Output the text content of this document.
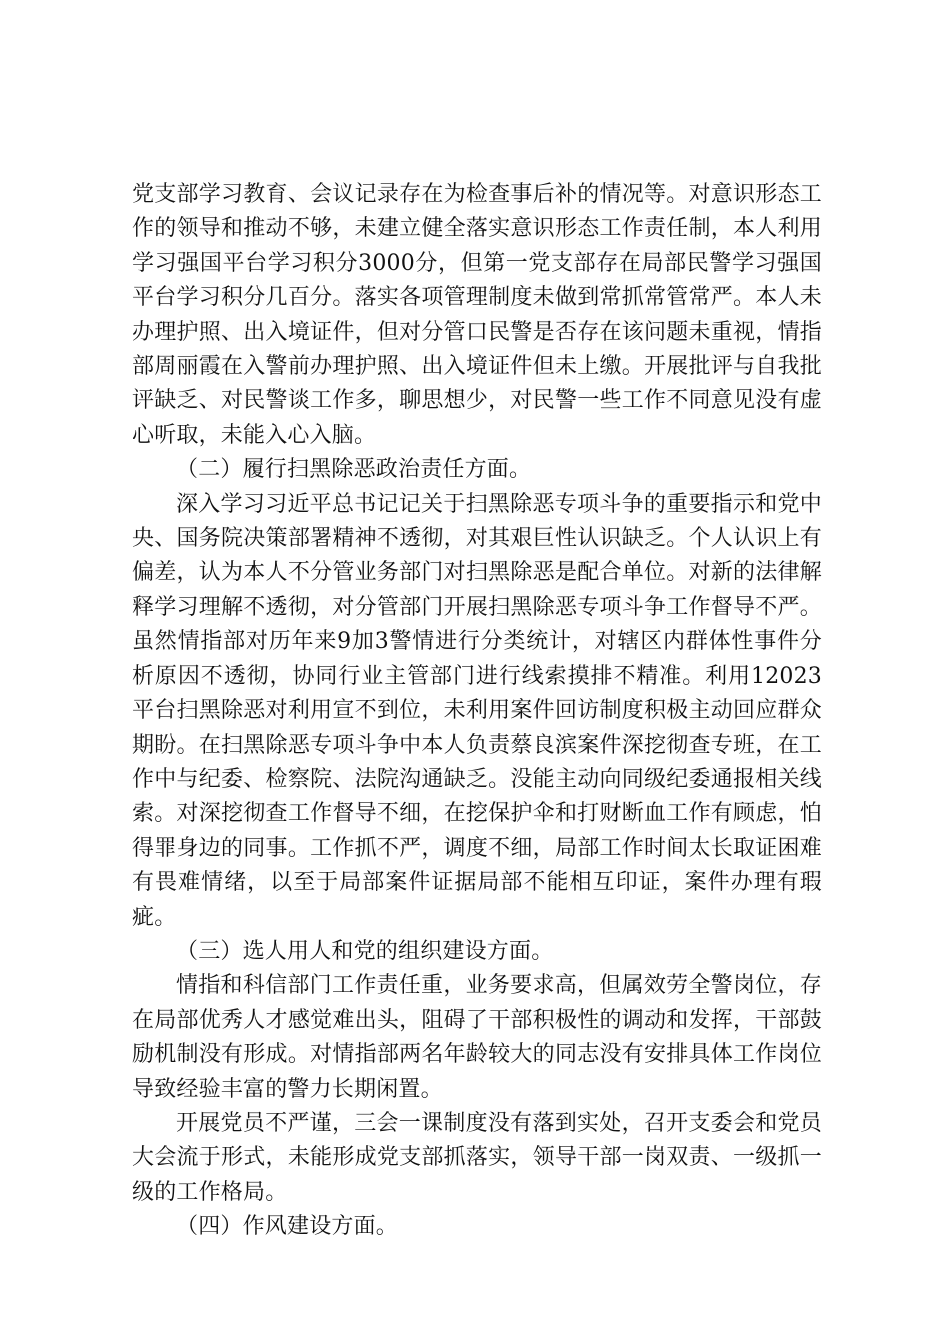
党支部学习教育、会议记录存在为检查事后补的情况等。对意识形态工作的领导和推动不够，未建立健全落实意识形态工作责任制，本人利用学习强国平台学习积分3000分，但第一党支部存在局部民警学习强国平台学习积分几百分。落实各项管理制度未做到常抓常管常严。本人未办理护照、出入境证件，但对分管口民警是否存在该问题未重视，情指部周丽霞在入警前办理护照、出入境证件但未上缴。开展批评与自我批评缺乏、对民警谈工作多，聊思想少，对民警一些工作不同意见没有虚心听取，未能入心入脑。

（二）履行扫黑除恶政治责任方面。

深入学习习近平总书记记关于扫黑除恶专项斗争的重要指示和党中央、国务院决策部署精神不透彻，对其艰巨性认识缺乏。个人认识上有偏差，认为本人不分管业务部门对扫黑除恶是配合单位。对新的法律解释学习理解不透彻，对分管部门开展扫黑除恶专项斗争工作督导不严。虽然情指部对历年来9加3警情进行分类统计，对辖区内群体性事件分析原因不透彻，协同行业主管部门进行线索摸排不精准。利用12023平台扫黑除恶对利用宣不到位，未利用案件回访制度积极主动回应群众期盼。在扫黑除恶专项斗争中本人负责蔡良滨案件深挖彻查专班，在工作中与纪委、检察院、法院沟通缺乏。没能主动向同级纪委通报相关线索。对深挖彻查工作督导不细，在挖保护伞和打财断血工作有顾虑，怕得罪身边的同事。工作抓不严，调度不细，局部工作时间太长取证困难有畏难情绪，以至于局部案件证据局部不能相互印证，案件办理有瑕疵。

（三）选人用人和党的组织建设方面。

情指和科信部门工作责任重，业务要求高，但属效劳全警岗位，存在局部优秀人才感觉难出头，阻碍了干部积极性的调动和发挥，干部鼓励机制没有形成。对情指部两名年龄较大的同志没有安排具体工作岗位导致经验丰富的警力长期闲置。

开展党员不严谨，三会一课制度没有落到实处，召开支委会和党员大会流于形式，未能形成党支部抓落实，领导干部一岗双责、一级抓一级的工作格局。

（四）作风建设方面。
